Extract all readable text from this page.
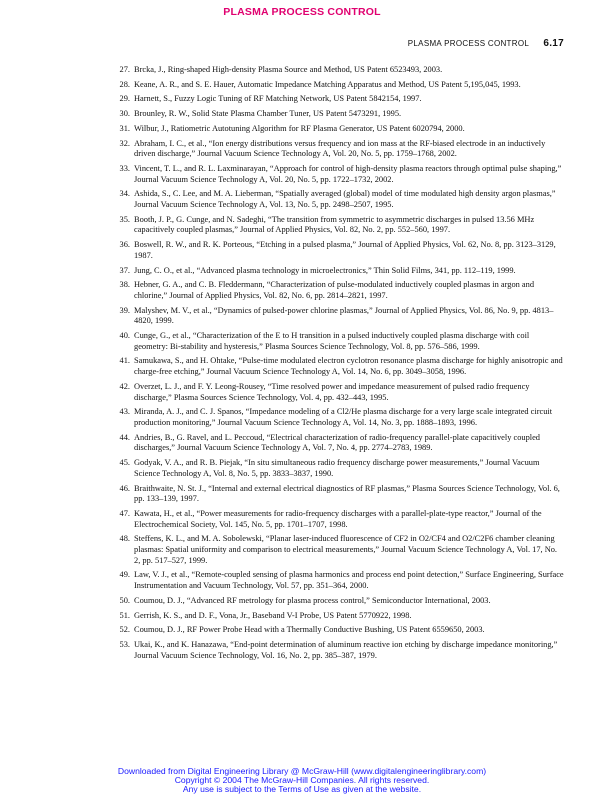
PLASMA PROCESS CONTROL
PLASMA PROCESS CONTROL 6.17
27. Brcka, J., Ring-shaped High-density Plasma Source and Method, US Patent 6523493, 2003.
28. Keane, A. R., and S. E. Hauer, Automatic Impedance Matching Apparatus and Method, US Patent 5,195,045, 1993.
29. Harnett, S., Fuzzy Logic Tuning of RF Matching Network, US Patent 5842154, 1997.
30. Brounley, R. W., Solid State Plasma Chamber Tuner, US Patent 5473291, 1995.
31. Wilbur, J., Ratiometric Autotuning Algorithm for RF Plasma Generator, US Patent 6020794, 2000.
32. Abraham, I. C., et al., “Ion energy distributions versus frequency and ion mass at the RF-biased electrode in an inductively driven discharge,” Journal Vacuum Science Technology A, Vol. 20, No. 5, pp. 1759–1768, 2002.
33. Vincent, T. L., and R. L. Laxminarayan, “Approach for control of high-density plasma reactors through optimal pulse shaping,” Journal Vacuum Science Technology A, Vol. 20, No. 5, pp. 1722–1732, 2002.
34. Ashida, S., C. Lee, and M. A. Lieberman, “Spatially averaged (global) model of time modulated high density argon plasmas,” Journal Vacuum Science Technology A, Vol. 13, No. 5, pp. 2498–2507, 1995.
35. Booth, J. P., G. Cunge, and N. Sadeghi, “The transition from symmetric to asymmetric discharges in pulsed 13.56 MHz capacitively coupled plasmas,” Journal of Applied Physics, Vol. 82, No. 2, pp. 552–560, 1997.
36. Boswell, R. W., and R. K. Porteous, “Etching in a pulsed plasma,” Journal of Applied Physics, Vol. 62, No. 8, pp. 3123–3129, 1987.
37. Jung, C. O., et al., “Advanced plasma technology in microelectronics,” Thin Solid Films, 341, pp. 112–119, 1999.
38. Hebner, G. A., and C. B. Fleddermann, “Characterization of pulse-modulated inductively coupled plasmas in argon and chlorine,” Journal of Applied Physics, Vol. 82, No. 6, pp. 2814–2821, 1997.
39. Malyshev, M. V., et al., “Dynamics of pulsed-power chlorine plasmas,” Journal of Applied Physics, Vol. 86, No. 9, pp. 4813–4820, 1999.
40. Cunge, G., et al., “Characterization of the E to H transition in a pulsed inductively coupled plasma discharge with coil geometry: Bi-stability and hysteresis,” Plasma Sources Science Technology, Vol. 8, pp. 576–586, 1999.
41. Samukawa, S., and H. Ohtake, “Pulse-time modulated electron cyclotron resonance plasma discharge for highly anisotropic and charge-free etching,” Journal Vacuum Science Technology A, Vol. 14, No. 6, pp. 3049–3058, 1996.
42. Overzet, L. J., and F. Y. Leong-Rousey, “Time resolved power and impedance measurement of pulsed radio frequency discharge,” Plasma Sources Science Technology, Vol. 4, pp. 432–443, 1995.
43. Miranda, A. J., and C. J. Spanos, “Impedance modeling of a Cl2/He plasma discharge for a very large scale integrated circuit production monitoring,” Journal Vacuum Science Technology A, Vol. 14, No. 3, pp. 1888–1893, 1996.
44. Andries, B., G. Ravel, and L. Peccoud, “Electrical characterization of radio-frequency parallel-plate capacitively coupled discharges,” Journal Vacuum Science Technology A, Vol. 7, No. 4, pp. 2774–2783, 1989.
45. Godyak, V. A., and R. B. Piejak, “In situ simultaneous radio frequency discharge power measurements,” Journal Vacuum Science Technology A, Vol. 8, No. 5, pp. 3833–3837, 1990.
46. Braithwaite, N. St. J., “Internal and external electrical diagnostics of RF plasmas,” Plasma Sources Science Technology, Vol. 6, pp. 133–139, 1997.
47. Kawata, H., et al., “Power measurements for radio-frequency discharges with a parallel-plate-type reactor,” Journal of the Electrochemical Society, Vol. 145, No. 5, pp. 1701–1707, 1998.
48. Steffens, K. L., and M. A. Sobolewski, “Planar laser-induced fluorescence of CF2 in O2/CF4 and O2/C2F6 chamber cleaning plasmas: Spatial uniformity and comparison to electrical measurements,” Journal Vacuum Science Technology A, Vol. 17, No. 2, pp. 517–527, 1999.
49. Law, V. J., et al., “Remote-coupled sensing of plasma harmonics and process end point detection,” Surface Engineering, Surface Instrumentation and Vacuum Technology, Vol. 57, pp. 351–364, 2000.
50. Coumou, D. J., “Advanced RF metrology for plasma process control,” Semiconductor International, 2003.
51. Gerrish, K. S., and D. F., Vona, Jr., Baseband V-I Probe, US Patent 5770922, 1998.
52. Coumou, D. J., RF Power Probe Head with a Thermally Conductive Bushing, US Patent 6559650, 2003.
53. Ukai, K., and K. Hanazawa, “End-point determination of aluminum reactive ion etching by discharge impedance monitoring,” Journal Vacuum Science Technology, Vol. 16, No. 2, pp. 385–387, 1979.
Downloaded from Digital Engineering Library @ McGraw-Hill (www.digitalengineeringlibrary.com)
Copyright © 2004 The McGraw-Hill Companies. All rights reserved.
Any use is subject to the Terms of Use as given at the website.
